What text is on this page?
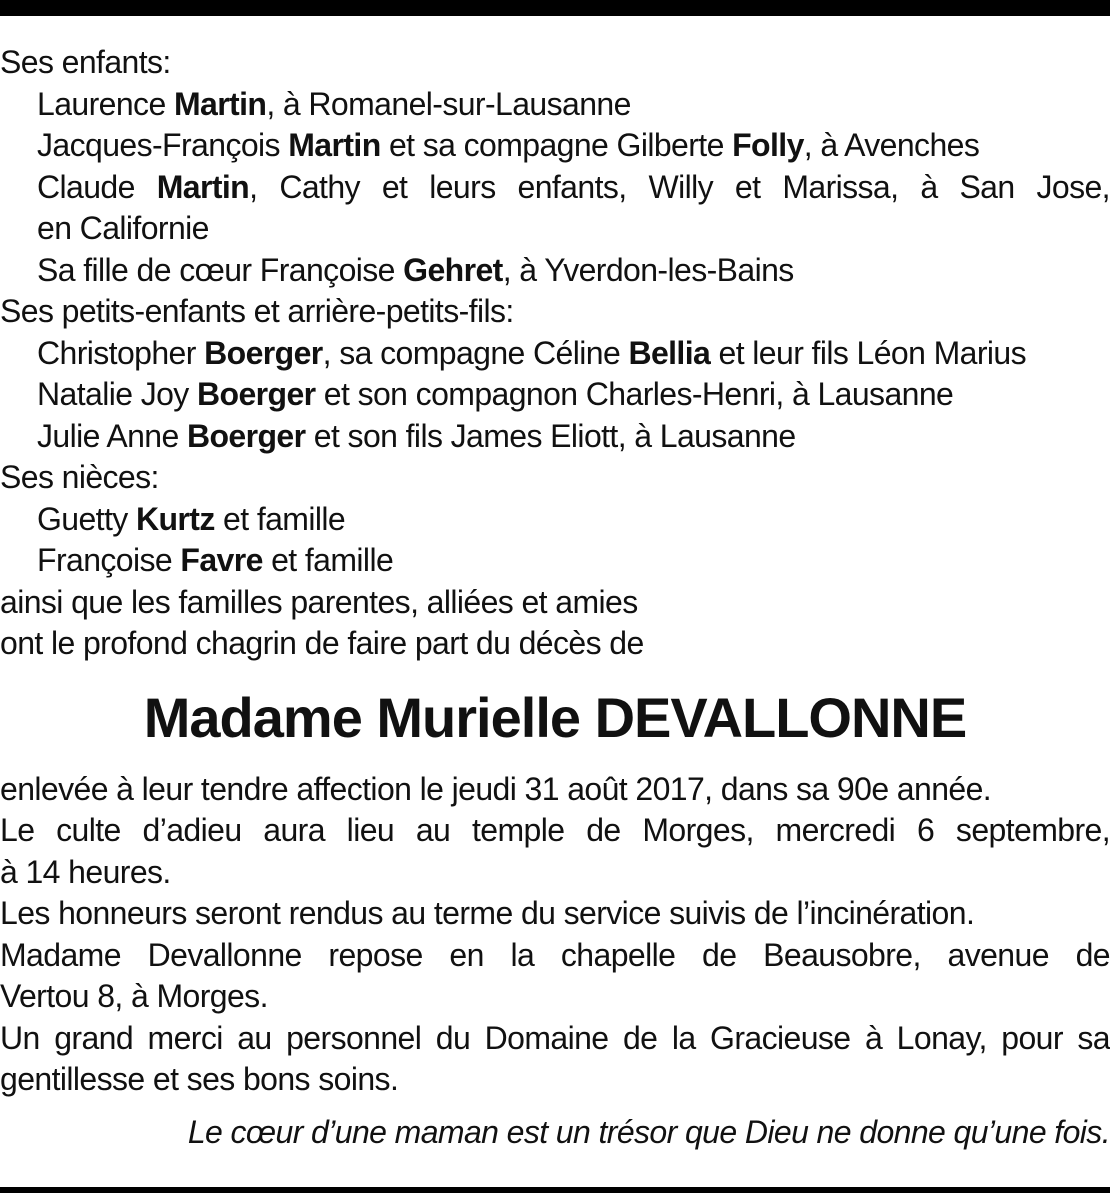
Ses enfants:
Laurence Martin, à Romanel-sur-Lausanne
Jacques-François Martin et sa compagne Gilberte Folly, à Avenches
Claude Martin, Cathy et leurs enfants, Willy et Marissa, à San Jose,
en Californie
Sa fille de cœur Françoise Gehret, à Yverdon-les-Bains
Ses petits-enfants et arrière-petits-fils:
Christopher Boerger, sa compagne Céline Bellia et leur fils Léon Marius
Natalie Joy Boerger et son compagnon Charles-Henri, à Lausanne
Julie Anne Boerger et son fils James Eliott, à Lausanne
Ses nièces:
Guetty Kurtz et famille
Françoise Favre et famille
ainsi que les familles parentes, alliées et amies
ont le profond chagrin de faire part du décès de
Madame Murielle DEVALLONNE
enlevée à leur tendre affection le jeudi 31 août 2017, dans sa 90e année.
Le culte d’adieu aura lieu au temple de Morges, mercredi 6 septembre,
à 14 heures.
Les honneurs seront rendus au terme du service suivis de l’incinération.
Madame Devallonne repose en la chapelle de Beausobre, avenue de
Vertou 8, à Morges.
Un grand merci au personnel du Domaine de la Gracieuse à Lonay, pour sa
gentillesse et ses bons soins.
Le cœur d’une maman est un trésor que Dieu ne donne qu’une fois.
